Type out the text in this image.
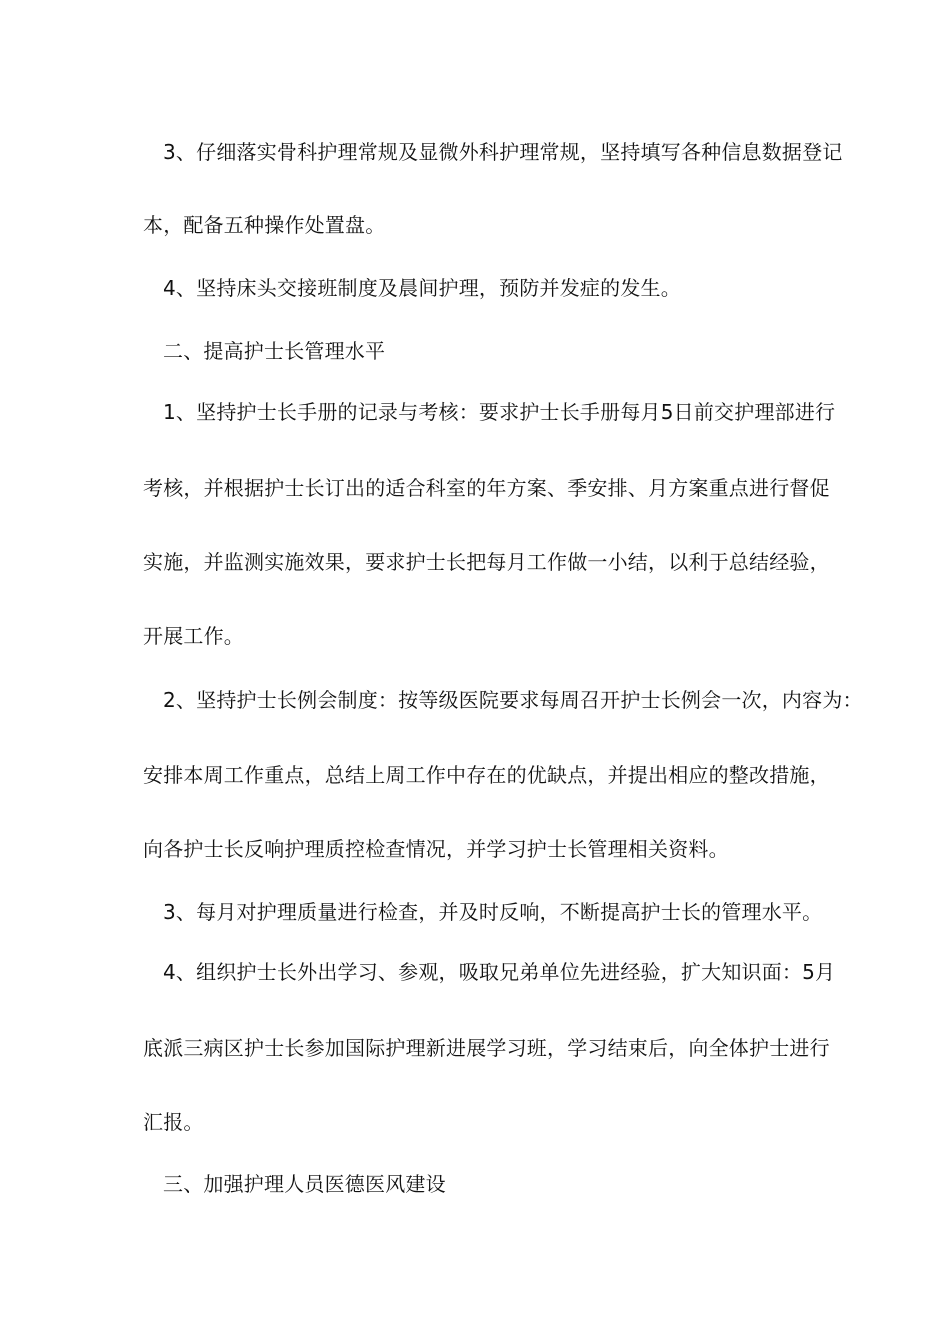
3、仔细落实骨科护理常规及显微外科护理常规，坚持填写各种信息数据登记
本，配备五种操作处置盘。
4、坚持床头交接班制度及晨间护理，预防并发症的发生。
二、提高护士长管理水平
1、坚持护士长手册的记录与考核：要求护士长手册每月5日前交护理部进行
考核，并根据护士长订出的适合科室的年方案、季安排、月方案重点进行督促
实施，并监测实施效果，要求护士长把每月工作做一小结，以利于总结经验，
开展工作。
2、坚持护士长例会制度：按等级医院要求每周召开护士长例会一次，内容为：
安排本周工作重点，总结上周工作中存在的优缺点，并提出相应的整改措施，
向各护士长反响护理质控检查情况，并学习护士长管理相关资料。
3、每月对护理质量进行检查，并及时反响，不断提高护士长的管理水平。
4、组织护士长外出学习、参观，吸取兄弟单位先进经验，扩大知识面：5月
底派三病区护士长参加国际护理新进展学习班，学习结束后，向全体护士进行
汇报。
三、加强护理人员医德医风建设
